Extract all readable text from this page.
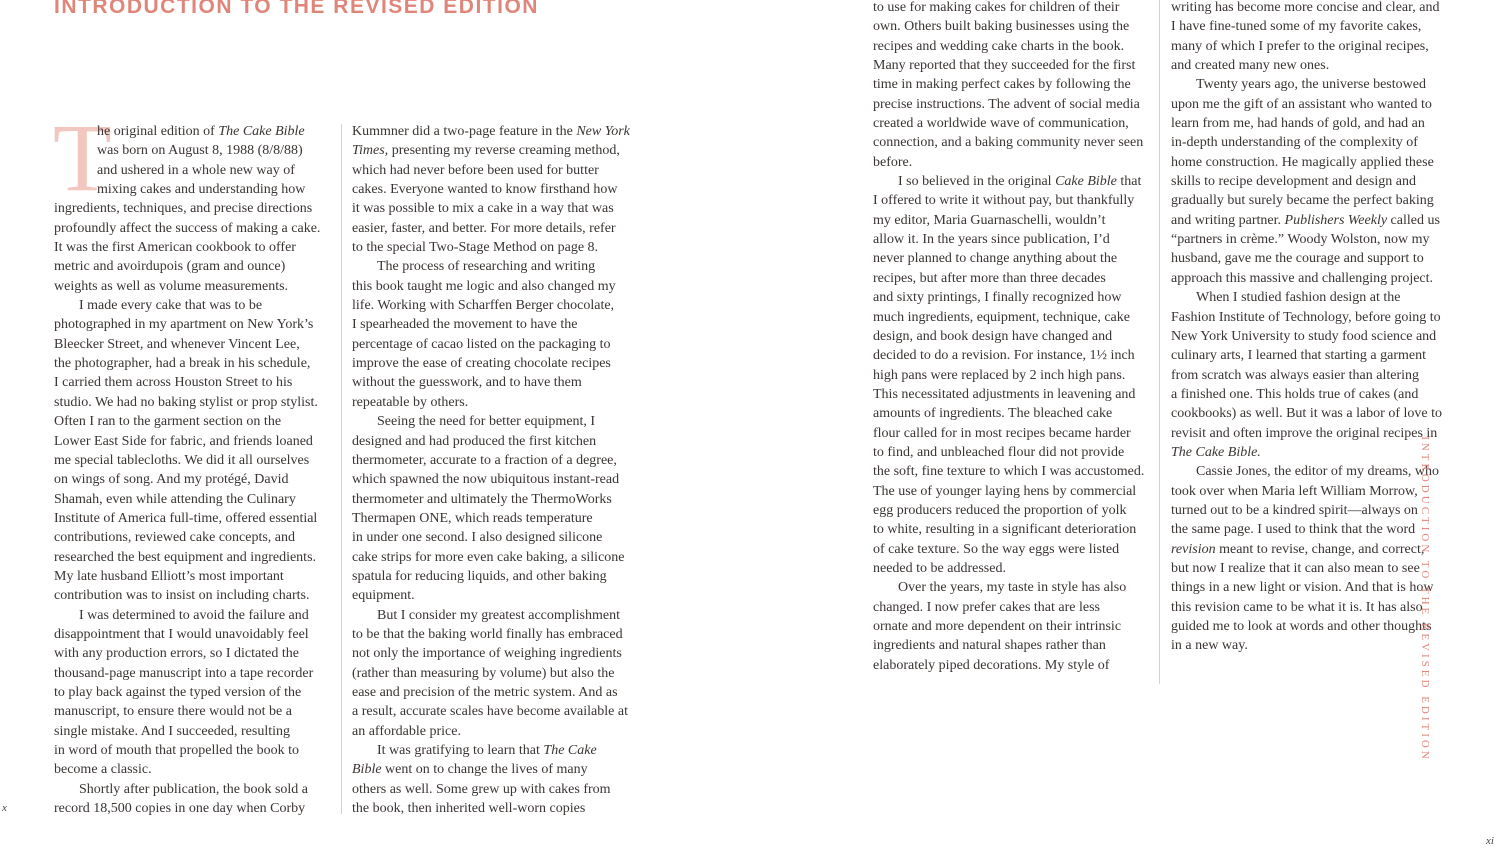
INTRODUCTION TO THE REVISED EDITION
T
he original edition of The Cake Bible
was born on August 8, 1988 (8/8/88)
and ushered in a whole new way of
mixing cakes and understanding how
ingredients, techniques, and precise directions
profoundly affect the success of making a cake.
It was the first American cookbook to offer
metric and avoirdupois (gram and ounce)
weights as well as volume measurements.
I made every cake that was to be
photographed in my apartment on New York’s
Bleecker Street, and whenever Vincent Lee,
the photographer, had a break in his schedule,
I carried them across Houston Street to his
studio. We had no baking stylist or prop stylist.
Often I ran to the garment section on the
Lower East Side for fabric, and friends loaned
me special tablecloths. We did it all ourselves
on wings of song. And my protégé, David
Shamah, even while attending the Culinary
Institute of America full-time, offered essential
contributions, reviewed cake concepts, and
researched the best equipment and ingredients.
My late husband Elliott’s most important
contribution was to insist on including charts.
I was determined to avoid the failure and
disappointment that I would unavoidably feel
with any production errors, so I dictated the
thousand-page manuscript into a tape recorder
to play back against the typed version of the
manuscript, to ensure there would not be a
single mistake. And I succeeded, resulting
in word of mouth that propelled the book to
become a classic.
Shortly after publication, the book sold a
record 18,500 copies in one day when Corby
Kummner did a two-page feature in the New York
Times, presenting my reverse creaming method,
which had never before been used for butter
cakes. Everyone wanted to know firsthand how
it was possible to mix a cake in a way that was
easier, faster, and better. For more details, refer
to the special Two-Stage Method on page 8.
The process of researching and writing
this book taught me logic and also changed my
life. Working with Scharffen Berger chocolate,
I spearheaded the movement to have the
percentage of cacao listed on the packaging to
improve the ease of creating chocolate recipes
without the guesswork, and to have them
repeatable by others.
Seeing the need for better equipment, I
designed and had produced the first kitchen
thermometer, accurate to a fraction of a degree,
which spawned the now ubiquitous instant-read
thermometer and ultimately the ThermoWorks
Thermapen ONE, which reads temperature
in under one second. I also designed silicone
cake strips for more even cake baking, a silicone
spatula for reducing liquids, and other baking
equipment.
But I consider my greatest accomplishment
to be that the baking world finally has embraced
not only the importance of weighing ingredients
(rather than measuring by volume) but also the
ease and precision of the metric system. And as
a result, accurate scales have become available at
an affordable price.
It was gratifying to learn that The Cake
Bible went on to change the lives of many
others as well. Some grew up with cakes from
the book, then inherited well-worn copies
to use for making cakes for children of their
own. Others built baking businesses using the
recipes and wedding cake charts in the book.
Many reported that they succeeded for the first
time in making perfect cakes by following the
precise instructions. The advent of social media
created a worldwide wave of communication,
connection, and a baking community never seen
before.
I so believed in the original Cake Bible that
I offered to write it without pay, but thankfully
my editor, Maria Guarnaschelli, wouldn’t
allow it. In the years since publication, I’d
never planned to change anything about the
recipes, but after more than three decades
and sixty printings, I finally recognized how
much ingredients, equipment, technique, cake
design, and book design have changed and
decided to do a revision. For instance, 1½ inch
high pans were replaced by 2 inch high pans.
This necessitated adjustments in leavening and
amounts of ingredients. The bleached cake
flour called for in most recipes became harder
to find, and unbleached flour did not provide
the soft, fine texture to which I was accustomed.
The use of younger laying hens by commercial
egg producers reduced the proportion of yolk
to white, resulting in a significant deterioration
of cake texture. So the way eggs were listed
needed to be addressed.
Over the years, my taste in style has also
changed. I now prefer cakes that are less
ornate and more dependent on their intrinsic
ingredients and natural shapes rather than
elaborately piped decorations. My style of
writing has become more concise and clear, and
I have fine-tuned some of my favorite cakes,
many of which I prefer to the original recipes,
and created many new ones.
Twenty years ago, the universe bestowed
upon me the gift of an assistant who wanted to
learn from me, had hands of gold, and had an
in-depth understanding of the complexity of
home construction. He magically applied these
skills to recipe development and design and
gradually but surely became the perfect baking
and writing partner. Publishers Weekly called us
“partners in crème.” Woody Wolston, now my
husband, gave me the courage and support to
approach this massive and challenging project.
When I studied fashion design at the
Fashion Institute of Technology, before going to
New York University to study food science and
culinary arts, I learned that starting a garment
from scratch was always easier than altering
a finished one. This holds true of cakes (and
cookbooks) as well. But it was a labor of love to
revisit and often improve the original recipes in
The Cake Bible.
Cassie Jones, the editor of my dreams, who
took over when Maria left William Morrow,
turned out to be a kindred spirit—always on
the same page. I used to think that the word
revision meant to revise, change, and correct,
but now I realize that it can also mean to see
things in a new light or vision. And that is how
this revision came to be what it is. It has also
guided me to look at words and other thoughts
in a new way.	INTRODUCTION TO THE REVISED EDITION
x
xi
